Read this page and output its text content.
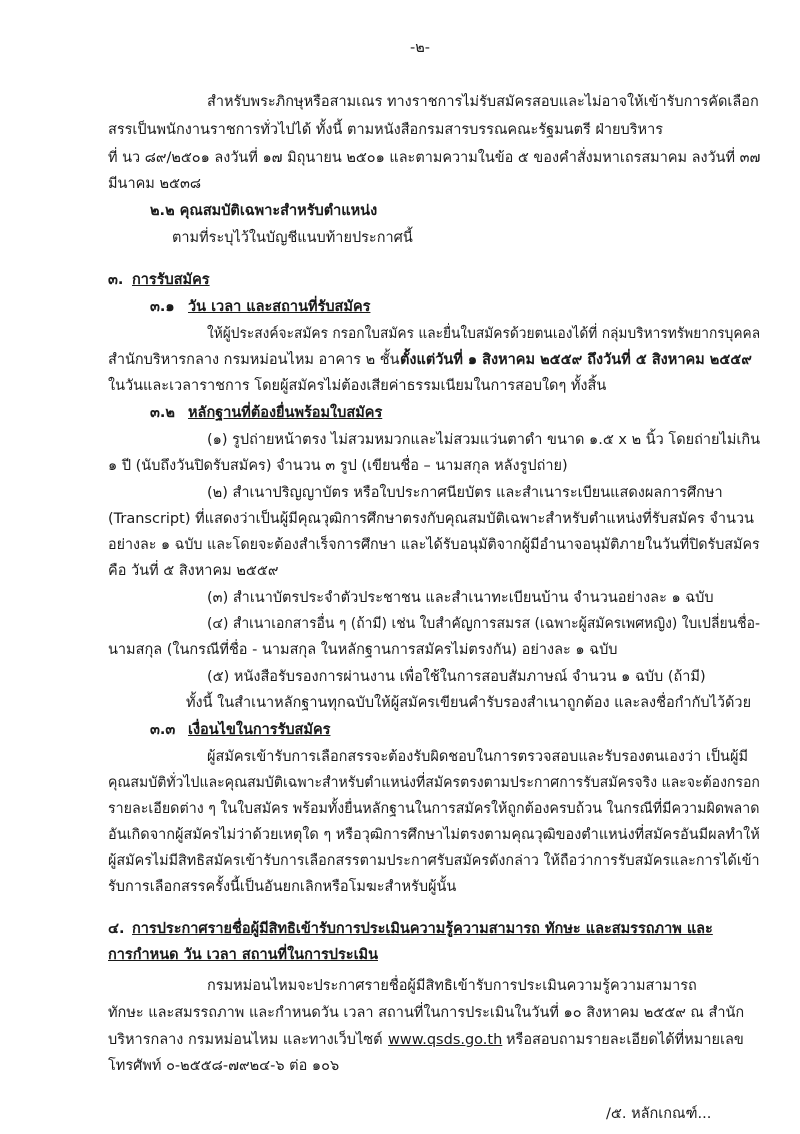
-๒-
สำหรับพระภิกษุหรือสามเณร ทางราชการไม่รับสมัครสอบและไม่อาจให้เข้ารับการคัดเลือก
สรรเป็นพนักงานราชการทั่วไปได้ ทั้งนี้ ตามหนังสือกรมสารบรรณคณะรัฐมนตรี ฝ่ายบริหาร
ที่ นว ๘๙/๒๕๐๑ ลงวันที่ ๑๗ มิถุนายน ๒๕๐๑ และตามความในข้อ ๕ ของคำสั่งมหาเถรสมาคม ลงวันที่ ๓๗
มีนาคม ๒๕๓๘
๒.๒ คุณสมบัติเฉพาะสำหรับตำแหน่ง
ตามที่ระบุไว้ในบัญชีแนบท้ายประกาศนี้
๓. การรับสมัคร
๓.๑ วัน เวลา และสถานที่รับสมัคร
ให้ผู้ประสงค์จะสมัคร กรอกใบสมัคร และยื่นใบสมัครด้วยตนเองได้ที่ กลุ่มบริหารทรัพยากรบุคคล
สำนักบริหารกลาง กรมหม่อนไหม อาคาร ๒ ชั้น ตั้งแต่วันที่ ๑ สิงหาคม ๒๕๕๙ ถึงวันที่ ๕ สิงหาคม ๒๕๕๙
ในวันและเวลาราชการ โดยผู้สมัครไม่ต้องเสียค่าธรรมเนียมในการสอบใดๆ ทั้งสิ้น
๓.๒ หลักฐานที่ต้องยื่นพร้อมใบสมัคร
(๑) รูปถ่ายหน้าตรง ไม่สวมหมวกและไม่สวมแว่นตาดำ ขนาด ๑.๕ x ๒ นิ้ว โดยถ่ายไม่เกิน
๑ ปี (นับถึงวันปิดรับสมัคร) จำนวน ๓ รูป (เขียนชื่อ – นามสกุล หลังรูปถ่าย)
(๒) สำเนาปริญญาบัตร หรือใบประกาศนียบัตร และสำเนาระเบียนแสดงผลการศึกษา
(Transcript) ที่แสดงว่าเป็นผู้มีคุณวุฒิการศึกษาตรงกับคุณสมบัติเฉพาะสำหรับตำแหน่งที่รับสมัคร จำนวน
อย่างละ ๑ ฉบับ และโดยจะต้องสำเร็จการศึกษา และได้รับอนุมัติจากผู้มีอำนาจอนุมัติภายในวันที่ปิดรับสมัคร
คือ วันที่ ๕ สิงหาคม ๒๕๕๙
(๓) สำเนาบัตรประจำตัวประชาชน และสำเนาทะเบียนบ้าน จำนวนอย่างละ ๑ ฉบับ
(๔) สำเนาเอกสารอื่น ๆ (ถ้ามี) เช่น ใบสำคัญการสมรส (เฉพาะผู้สมัครเพศหญิง) ใบเปลี่ยนชื่อ-
นามสกุล (ในกรณีที่ชื่อ - นามสกุล ในหลักฐานการสมัครไม่ตรงกัน) อย่างละ ๑ ฉบับ
(๕) หนังสือรับรองการผ่านงาน เพื่อใช้ในการสอบสัมภาษณ์ จำนวน ๑ ฉบับ (ถ้ามี)
ทั้งนี้ ในสำเนาหลักฐานทุกฉบับให้ผู้สมัครเขียนคำรับรองสำเนาถูกต้อง และลงชื่อกำกับไว้ด้วย
๓.๓ เงื่อนไขในการรับสมัคร
ผู้สมัครเข้ารับการเลือกสรรจะต้องรับผิดชอบในการตรวจสอบและรับรองตนเองว่า เป็นผู้มี
คุณสมบัติทั่วไปและคุณสมบัติเฉพาะสำหรับตำแหน่งที่สมัครตรงตามประกาศการรับสมัครจริง และจะต้องกรอก
รายละเอียดต่าง ๆ ในใบสมัคร พร้อมทั้งยื่นหลักฐานในการสมัครให้ถูกต้องครบถ้วน ในกรณีที่มีความผิดพลาด
อันเกิดจากผู้สมัครไม่ว่าด้วยเหตุใด ๆ หรือวุฒิการศึกษาไม่ตรงตามคุณวุฒิของตำแหน่งที่สมัครอันมีผลทำให้
ผู้สมัครไม่มีสิทธิสมัครเข้ารับการเลือกสรรตามประกาศรับสมัครดังกล่าว ให้ถือว่าการรับสมัครและการได้เข้า
รับการเลือกสรรครั้งนี้เป็นอันยกเลิกหรือโมฆะสำหรับผู้นั้น
๔. การประกาศรายชื่อผู้มีสิทธิเข้ารับการประเมินความรู้ความสามารถ ทักษะ และสมรรถภาพ และ
การกำหนด วัน เวลา สถานที่ในการประเมิน
กรมหม่อนไหมจะประกาศรายชื่อผู้มีสิทธิเข้ารับการประเมินความรู้ความสามารถ
ทักษะ และสมรรถภาพ และกำหนดวัน เวลา สถานที่ในการประเมินในวันที่ ๑๐ สิงหาคม ๒๕๕๙ ณ สำนัก
บริหารกลาง กรมหม่อนไหม และทางเว็บไซต์ www.qsds.go.th หรือสอบถามรายละเอียดได้ที่หมายเลข
โทรศัพท์ ๐-๒๕๕๘-๗๙๒๔-๖ ต่อ ๑๐๖
/๕. หลักเกณฑ์...
